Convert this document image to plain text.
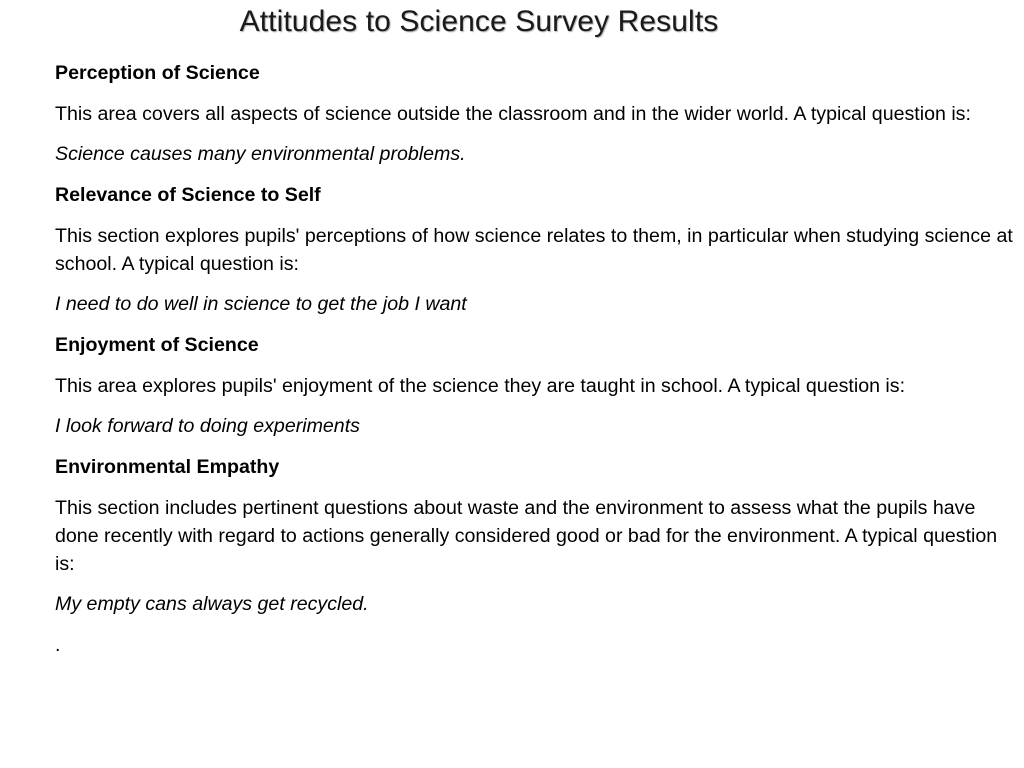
Attitudes to Science Survey Results

Perception of Science

This area covers all aspects of science outside the classroom and in the wider world. A typical question is:

Science causes many environmental problems.

Relevance of Science to Self

This section explores pupils' perceptions of how science relates to them, in particular when studying science at school. A typical question is:

I need to do well in science to get the job I want

Enjoyment of Science

This area explores pupils' enjoyment of the science they are taught in school. A typical question is:

I look forward to doing experiments

Environmental Empathy

This section includes pertinent questions about waste and the environment to assess what the pupils have done recently with regard to actions generally considered good or bad for the environment. A typical question is:

My empty cans always get recycled.

.
